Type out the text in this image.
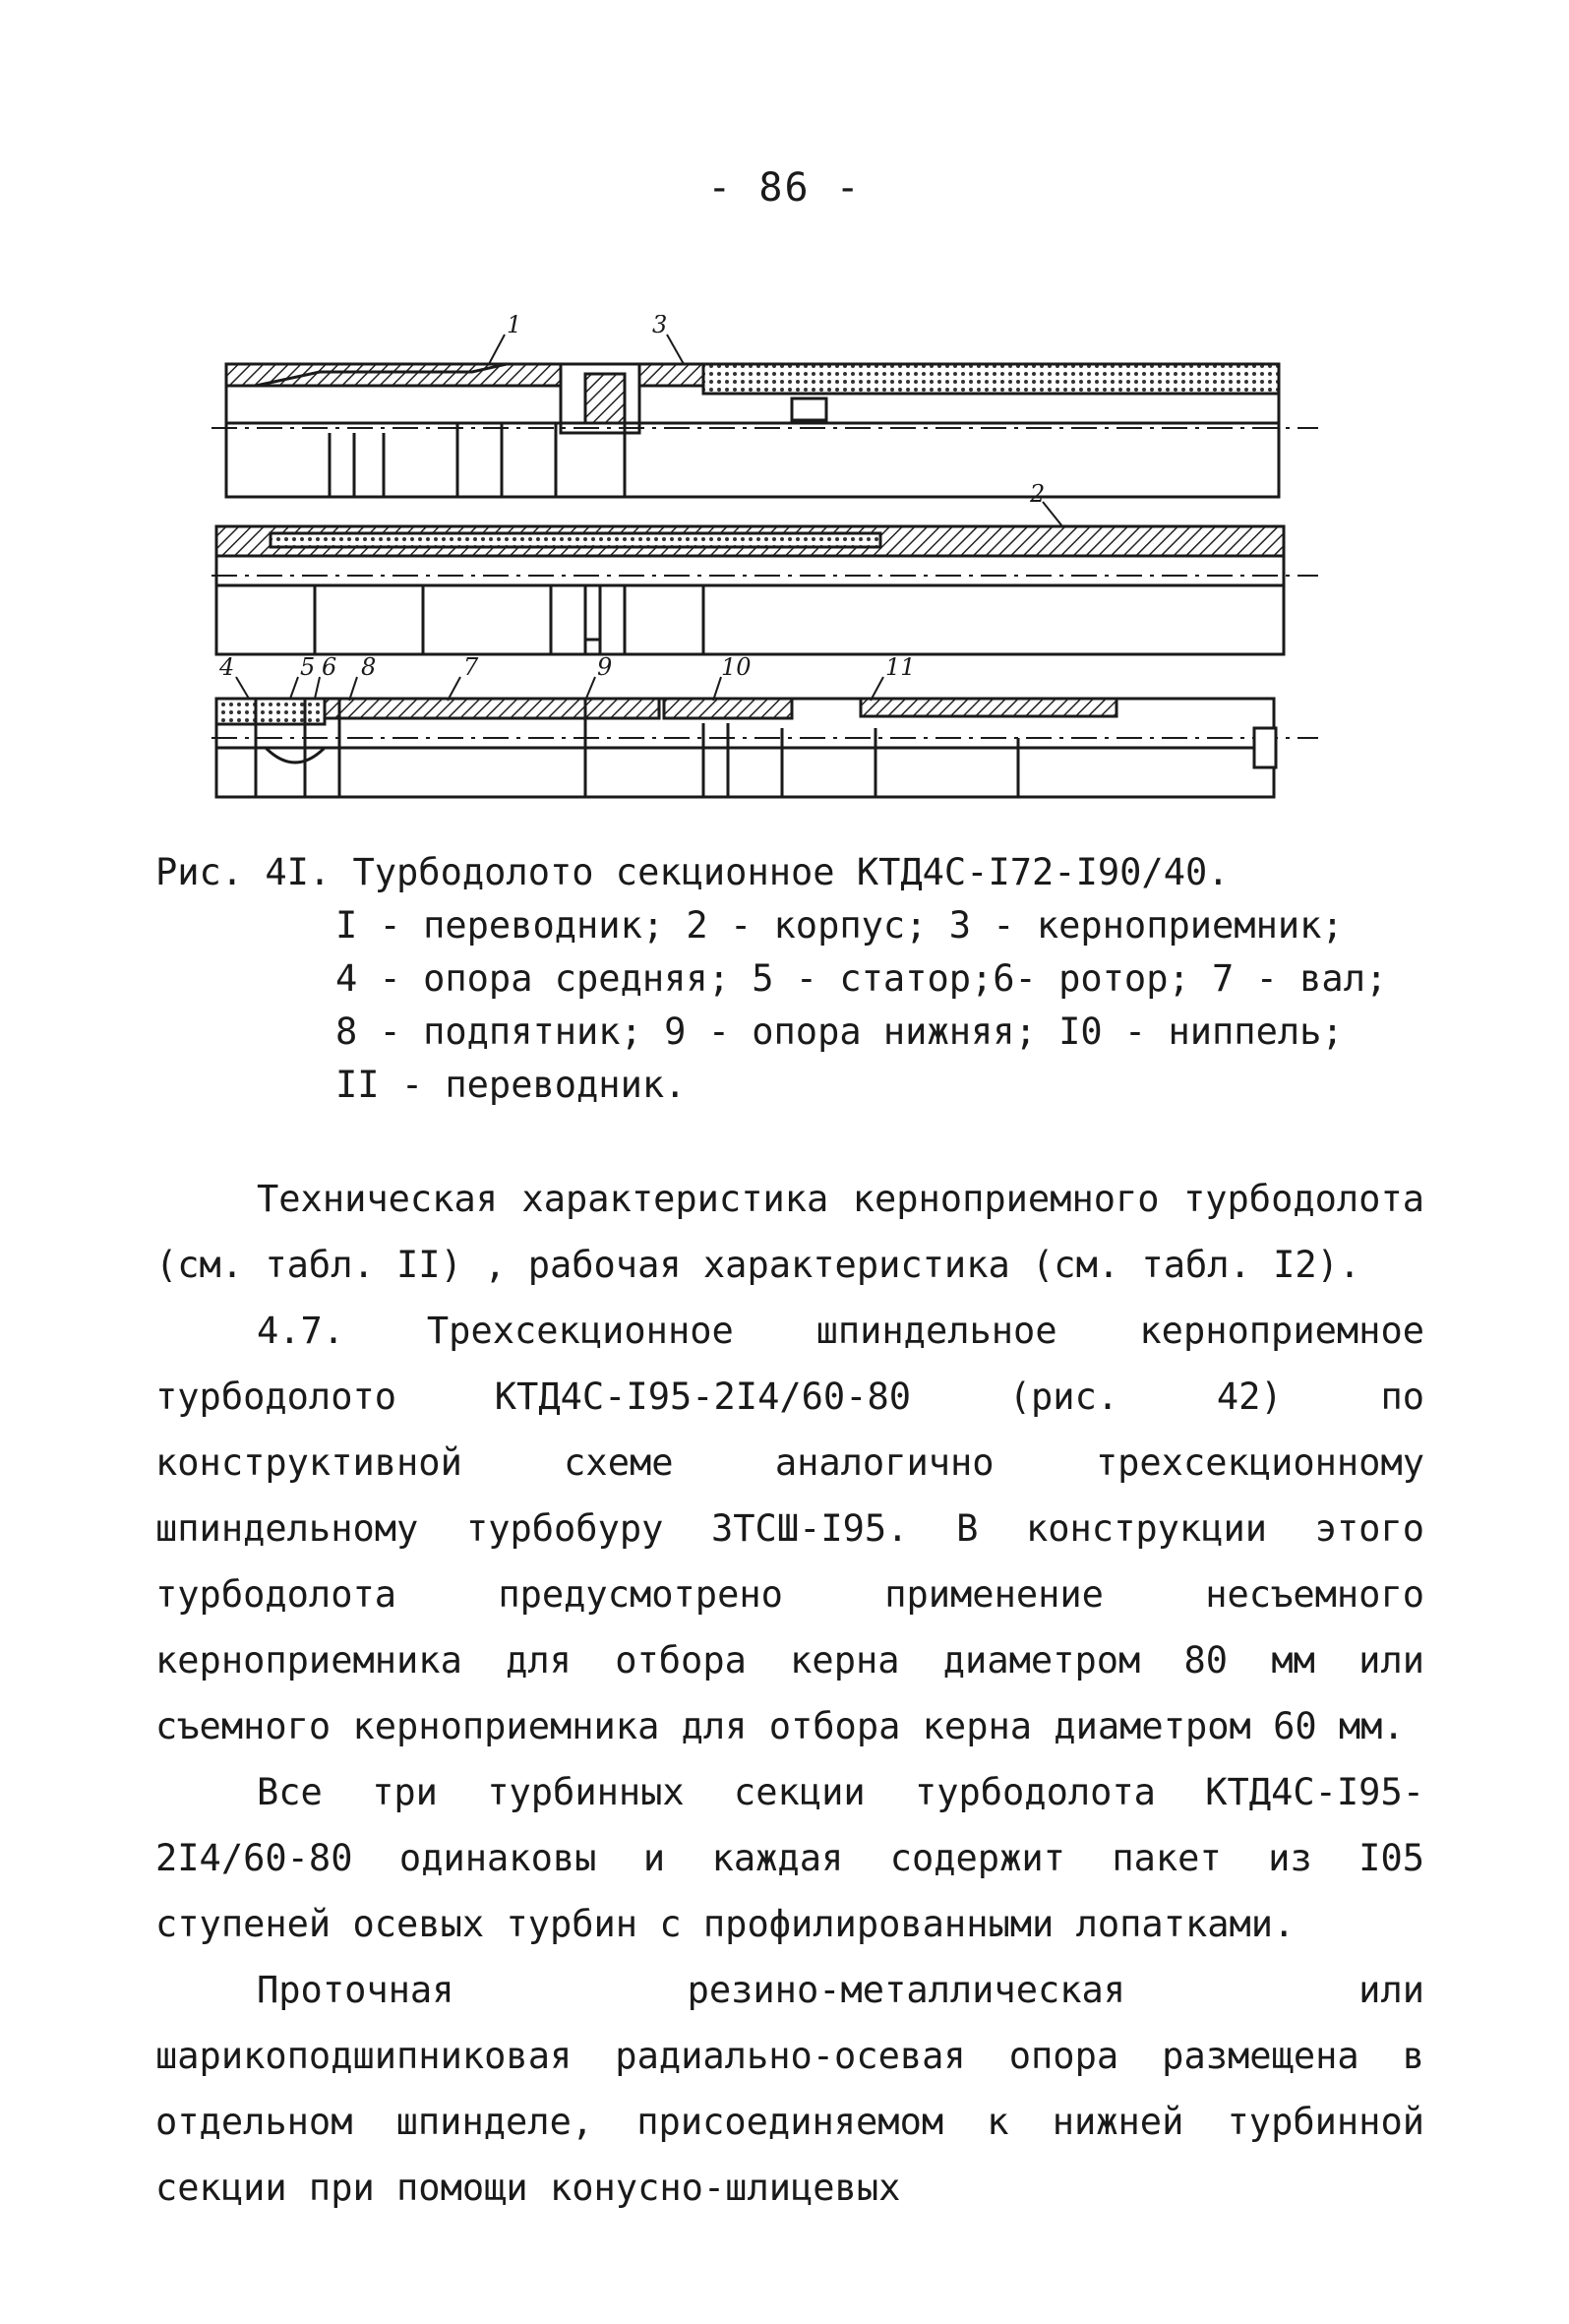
- 86 -
1	3
2
4	5 6 8	7	9	10	11
Рис. 4I. Турбодолото секционное КТД4С-I72-I90/40.
I - переводник; 2 - корпус; 3 - керноприемник;
4 - опора средняя; 5 - статор;6- ротор; 7 - вал;
8 - подпятник; 9 - опора нижняя; I0 - ниппель;
II - переводник.

Техническая характеристика керноприемного турбодолота (см. табл. II) , рабочая характеристика (см. табл. I2).

4.7. Трехсекционное шпиндельное керноприемное турбодолото КТД4С-I95-2I4/60-80 (рис. 42) по конструктивной схеме аналогично трехсекционному шпиндельному турбобуру ЗТСШ-I95. В конструкции этого турбодолота предусмотрено применение несъемного керноприемника для отбора керна диаметром 80 мм или съемного керноприемника для отбора керна диаметром 60 мм.

Все три турбинных секции турбодолота КТД4С-I95-2I4/60-80 одинаковы и каждая содержит пакет из I05 ступеней осевых турбин с профилированными лопатками.

Проточная резино-металлическая или шарикоподшипниковая радиально-осевая опора размещена в отдельном шпинделе, присоединяемом к нижней турбинной секции при помощи конусно-шлицевых
